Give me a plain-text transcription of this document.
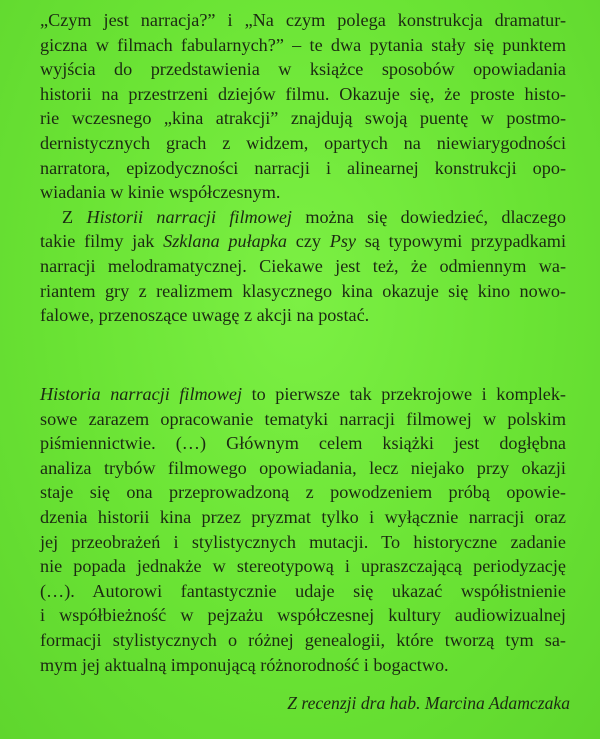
„Czym jest narracja?” i „Na czym polega konstrukcja dramatur-
giczna w filmach fabularnych?” – te dwa pytania stały się punktem
wyjścia do przedstawienia w książce sposobów opowiadania
historii na przestrzeni dziejów filmu. Okazuje się, że proste histo-
rie wczesnego „kina atrakcji” znajdują swoją puentę w postmo-
dernistycznych grach z widzem, opartych na niewiarygodności
narratora, epizodyczności narracji i alinearnej konstrukcji opo-
wiadania w kinie współczesnym.

Z Historii narracji filmowej można się dowiedzieć, dlaczego
takie filmy jak Szklana pułapka czy Psy są typowymi przypadkami
narracji melodramatycznej. Ciekawe jest też, że odmiennym wa-
riantem gry z realizmem klasycznego kina okazuje się kino nowo-
falowe, przenoszące uwagę z akcji na postać.

Historia narracji filmowej to pierwsze tak przekrojowe i komplek-
sowe zarazem opracowanie tematyki narracji filmowej w polskim
piśmiennictwie. (…) Głównym celem książki jest dogłębna
analiza trybów filmowego opowiadania, lecz niejako przy okazji
staje się ona przeprowadzoną z powodzeniem próbą opowie-
dzenia historii kina przez pryzmat tylko i wyłącznie narracji oraz
jej przeobrażeń i stylistycznych mutacji. To historyczne zadanie
nie popada jednakże w stereotypową i upraszczającą periodyzację
(…). Autorowi fantastycznie udaje się ukazać współistnienie
i współbieżność w pejzażu współczesnej kultury audiowizualnej
formacji stylistycznych o różnej genealogii, które tworzą tym sa-
mym jej aktualną imponującą różnorodność i bogactwo.

Z recenzji dra hab. Marcina Adamczaka
